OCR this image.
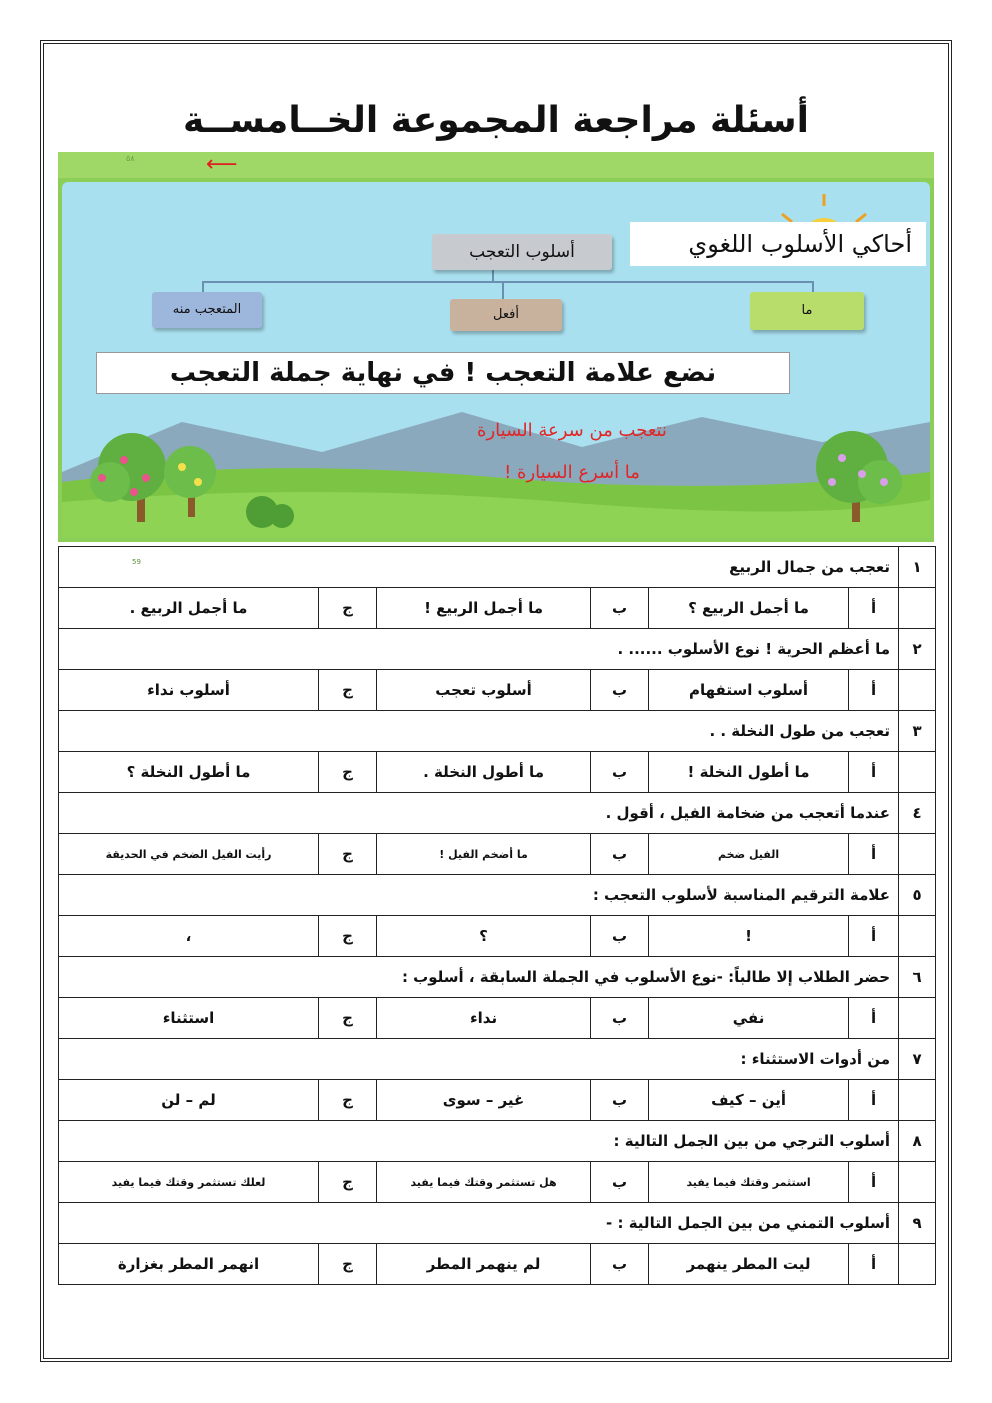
أسئلة مراجعة المجموعة الخــامســة
٥٨	⟵
أحاكي الأسلوب اللغوي
أسلوب التعجب
المتعجب منه	أفعل	ما
نضع علامة التعجب ! في نهاية جملة التعجب
نتعجب من سرعة السيارة
ما أسرع السيارة !
59	١	تعجب من جمال الربيع					
	أ	ما أجمل الربيع ؟	ب	ما أجمل الربيع !	ج	ما أجمل الربيع .
٢	ما أعظم الحرية ! نوع الأسلوب ...... .					
	أ	أسلوب استفهام	ب	أسلوب تعجب	ج	أسلوب نداء
٣	تعجب من طول النخلة . .					
	أ	ما أطول النخلة !	ب	ما أطول النخلة .	ج	ما أطول النخلة ؟
٤	عندما أتعجب من ضخامة الفيل ، أقول .					
	أ	الفيل ضخم	ب	ما أضخم الفيل !	ج	رأيت الفيل الضخم في الحديقة
٥	علامة الترقيم المناسبة لأسلوب التعجب :					
	أ	!	ب	؟	ج	،
٦	حضر الطلاب إلا طالباً: -نوع الأسلوب في الجملة السابقة ، أسلوب :					
	أ	نفي	ب	نداء	ج	استثناء
٧	من أدوات الاستثناء :					
	أ	أين – كيف	ب	غير – سوى	ج	لم – لن
٨	أسلوب الترجي من بين الجمل التالية :					
	أ	استثمر وقتك فيما يفيد	ب	هل تستثمر وقتك فيما يفيد	ج	لعلك تستثمر وقتك فيما يفيد
٩	أسلوب التمني من بين الجمل التالية : -					
	أ	ليت المطر ينهمر	ب	لم ينهمر المطر	ج	انهمر المطر بغزارة
